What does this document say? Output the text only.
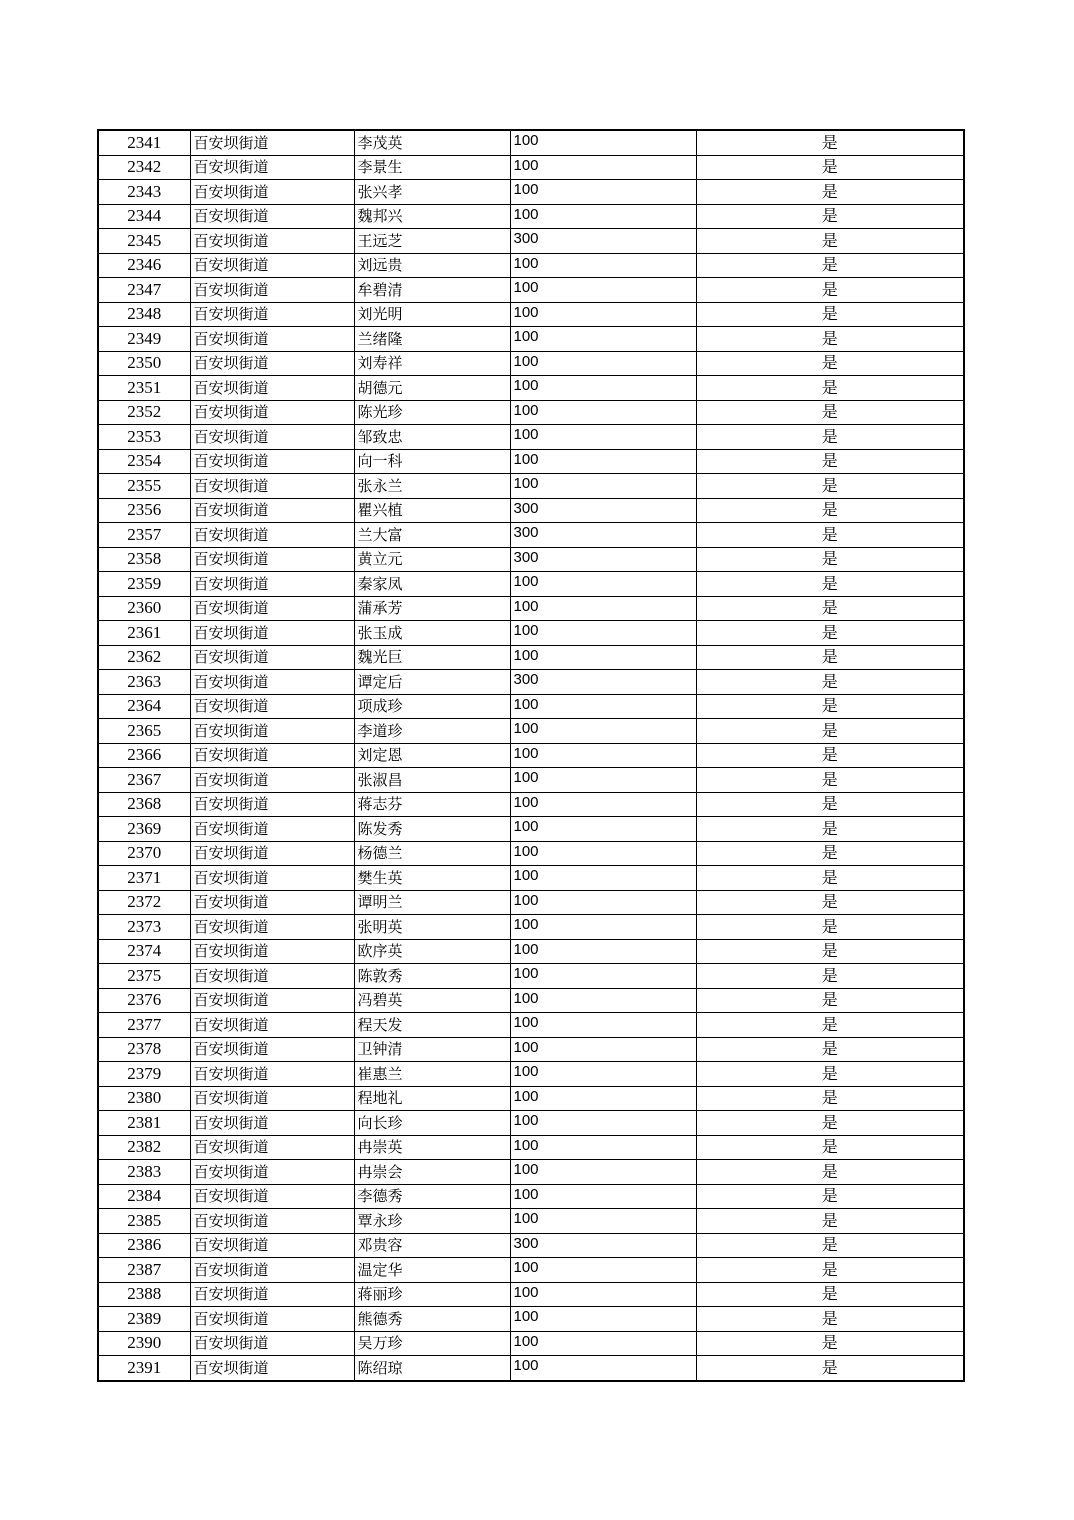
2341	百安坝街道	李茂英	100	是
2342	百安坝街道	李景生	100	是
2343	百安坝街道	张兴孝	100	是
2344	百安坝街道	魏邦兴	100	是
2345	百安坝街道	王远芝	300	是
2346	百安坝街道	刘远贵	100	是
2347	百安坝街道	牟碧清	100	是
2348	百安坝街道	刘光明	100	是
2349	百安坝街道	兰绪隆	100	是
2350	百安坝街道	刘寿祥	100	是
2351	百安坝街道	胡德元	100	是
2352	百安坝街道	陈光珍	100	是
2353	百安坝街道	邹致忠	100	是
2354	百安坝街道	向一科	100	是
2355	百安坝街道	张永兰	100	是
2356	百安坝街道	瞿兴植	300	是
2357	百安坝街道	兰大富	300	是
2358	百安坝街道	黄立元	300	是
2359	百安坝街道	秦家凤	100	是
2360	百安坝街道	蒲承芳	100	是
2361	百安坝街道	张玉成	100	是
2362	百安坝街道	魏光巨	100	是
2363	百安坝街道	谭定后	300	是
2364	百安坝街道	项成珍	100	是
2365	百安坝街道	李道珍	100	是
2366	百安坝街道	刘定恩	100	是
2367	百安坝街道	张淑昌	100	是
2368	百安坝街道	蒋志芬	100	是
2369	百安坝街道	陈发秀	100	是
2370	百安坝街道	杨德兰	100	是
2371	百安坝街道	樊生英	100	是
2372	百安坝街道	谭明兰	100	是
2373	百安坝街道	张明英	100	是
2374	百安坝街道	欧序英	100	是
2375	百安坝街道	陈敦秀	100	是
2376	百安坝街道	冯碧英	100	是
2377	百安坝街道	程天发	100	是
2378	百安坝街道	卫钟清	100	是
2379	百安坝街道	崔惠兰	100	是
2380	百安坝街道	程地礼	100	是
2381	百安坝街道	向长珍	100	是
2382	百安坝街道	冉崇英	100	是
2383	百安坝街道	冉崇会	100	是
2384	百安坝街道	李德秀	100	是
2385	百安坝街道	覃永珍	100	是
2386	百安坝街道	邓贵容	300	是
2387	百安坝街道	温定华	100	是
2388	百安坝街道	蒋丽珍	100	是
2389	百安坝街道	熊德秀	100	是
2390	百安坝街道	吴万珍	100	是
2391	百安坝街道	陈绍琼	100	是
